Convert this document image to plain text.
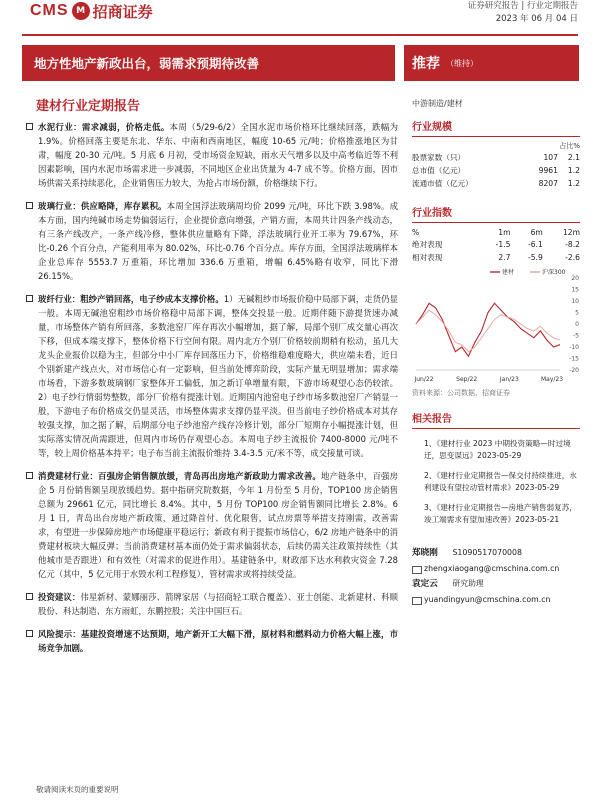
CMS M 招商证券	证券研究报告 | 行业定期报告
2023 年 06 月 04 日
地方性地产新政出台，弱需求预期待改善	推荐 （维持）
建材行业定期报告	中游制造/建材
水泥行业：需求减弱，价格走低。本周（5/29-6/2）全国水泥市场价格环比继续回落，跌幅为 1.9%。价格回落主要是东北、华东、中南和西南地区，幅度 10-65 元/吨；价格推涨地区为甘肃，幅度 20-30 元/吨。5 月底 6 月初，受市场资金短缺，雨水天气增多以及中高考临近等不利因素影响，国内水泥市场需求进一步减弱，不同地区企业出货量为 4-7 成不等。价格方面，因市场供需关系持续恶化，企业销售压力较大，为抢占市场份额，价格继续下行。
玻璃行业：供应略降，库存累积。本周全国浮法玻璃周均价 2099 元/吨，环比下跌 3.98%。成本方面，国内纯碱市场走势偏弱运行，企业提价意向增强，产销方面，本周共计四条产线动态，有三条产线改产，一条产线冷修，整体供应量略有下降，浮法玻璃行业开工率为 79.67%，环比-0.26 个百分点，产能利用率为 80.02%，环比-0.76 个百分点。库存方面，全国浮法玻璃样本企业总库存 5553.7 万重箱，环比增加 336.6 万重箱，增幅 6.45%略有收窄，同比下滑 26.15%。
玻纤行业：粗纱产销回落，电子纱成本支撑价格。1）无碱粗纱市场报价稳中局部下调，走货仍显一般。本周无碱池窑粗纱市场价格稳中局部下调，整体交投显一般。近期伴随下游提货速办减量，市场整体产销有所回落，多数池窑厂库存再次小幅增加，据了解，局部个别厂成交量心再次下移，但成本端支撑下，整体价格下行空间有限。周内北方个别厂价格较前期稍有松动，虽几大龙头企业报价以稳为主，但部分中小厂库存回落压力下，价格维稳难度略大，供应端未看，近日个别新建产线点火，对市场信心有一定影响，但当前处博弈阶段，实际产量无明显增加；需求端市场看，下游多数玻璃钢厂家整体开工偏低，加之新订单增量有限，下游市场观望心态仍较浓。2）电子纱行情弱势整数，部分厂价格有提涨计划。近期国内池窑电子纱市场多数池窑厂产销显一般，下游电子布价格成交仍显灵活，市场整体需求支撑仍显平淡。但当前电子纱价格成本对其存较强支撑，加之据了解，后期部分电子纱池窑产线存冷修计划，部分厂短期存小幅提涨计划，但实际落实情况尚需跟进，但周内市场仍存观望心态。本周电子纱主流报价 7400-8000 元/吨不等，较上周价格基本持平；电子布当前主流报价维持 3.4-3.5 元/米不等，成交接量可谈。
消费建材行业：百强房企销售额放缓，青岛再出房地产新政助力需求改善。地产链条中，百强房企 5 月份销售额呈现放缓趋势。据中指研究院数据，今年 1 月份至 5 月份，TOP100 房企销售总额为 29661 亿元，同比增长 8.4%。其中，5 月份 TOP100 房企销售额同比增长 2.8%。6 月 1 日，青岛出台房地产新政策，通过降首付、优化限售，试点房票等举措支持刚需，改善需求，有望进一步保障房地产市场健康平稳运行；新政有利于提振市场信心，6/2 房地产链条中的消费建材板块大幅反弹；当前消费建材基本面仍处于需求偏弱状态，后续仍需关注政策持续性（其他城市是否跟进）和有效性（对需求的促进作用）。基建链条中，财政部下达水利救灾资金 7.28 亿元（其中，5 亿元用于水毁水利工程修复），管材需求或将持续受益。
投资建议：伟星新材、蒙娜丽莎、箭牌家居（与招商轻工联合覆盖）、亚士创能、北新建材、科顺股份、科达制造、东方雨虹，东鹏控股；关注中国巨石。
风险提示：基建投资增速不达预期，地产新开工大幅下滑，原材料和燃料动力价格大幅上涨，市场竞争加剧。
行业规模
占比%
股票家数（只）	107	2.1
总市值（亿元）	9961	1.2
流通市值（亿元）	8207	1.2
行业指数
%	1m	6m	12m
绝对表现	-1.5	-6.1	-8.2
相对表现	2.7	-5.9	-2.6
20
15
10
5
0
-5
-10
-15
-20
Jun/22	Sep/22	Jan/23	May/23
建材	沪深300
资料来源：公司数据、招商证券
相关报告
1、《建材行业 2023 中期投资策略—时过境迁，思变谋远》2023-05-29
2、《建材行业定期报告—保交付持续推进，水利建设有望拉动管材需求》2023-05-29
3、《建材行业定期报告—房地产销售弱复苏，竣工端需求有望加速改善》2023-05-21
郑晓刚 S1090517070008
zhengxiaogang@cmschina.com.cn
袁定云 研究助理
yuandingyun@cmschina.com.cn
敬请阅读末页的重要说明
